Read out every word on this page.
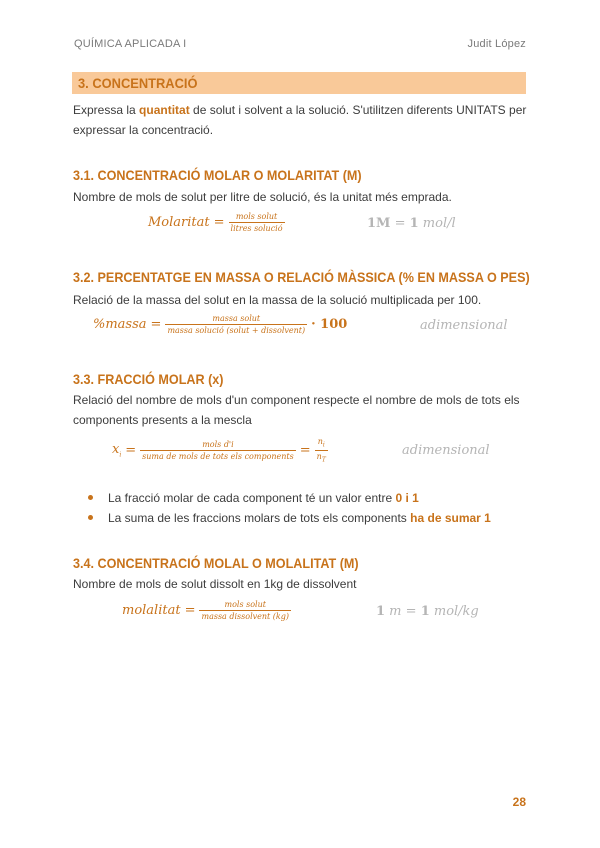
QUÍMICA APLICADA I	Judit López
3. CONCENTRACIÓ
Expressa la quantitat de solut i solvent a la solució. S'utilitzen diferents UNITATS per expressar la concentració.
3.1. CONCENTRACIÓ MOLAR O MOLARITAT (M)
Nombre de mols de solut per litre de solució, és la unitat més emprada.
Molaritat = $\frac{\text{mols solut}}{\text{litres solució}}$	1M = 1 mol/l
3.2. PERCENTATGE EN MASSA O RELACIÓ MÀSSICA (% EN MASSA O PES)
Relació de la massa del solut en la massa de la solució multiplicada per 100.
%massa = $\frac{\text{massa solut}}{\text{massa solució (solut + dissolvent)}} \cdot 100$	adimensional
3.3. FRACCIÓ MOLAR (x)
Relació del nombre de mols d'un component respecte el nombre de mols de tots els components presents a la mescla
$x_i = \frac{\text{mols d'i}}{\text{suma de mols de tots els components}} = \frac{n_i}{n_T}$	adimensional
La fracció molar de cada component té un valor entre 0 i 1
La suma de les fraccions molars de tots els components ha de sumar 1
3.4. CONCENTRACIÓ MOLAL O MOLALITAT (M)
Nombre de mols de solut dissolt en 1kg de dissolvent
molalitat = $\frac{\text{mols solut}}{\text{massa dissolvent (kg)}}$	1 m = 1 mol/kg
28
